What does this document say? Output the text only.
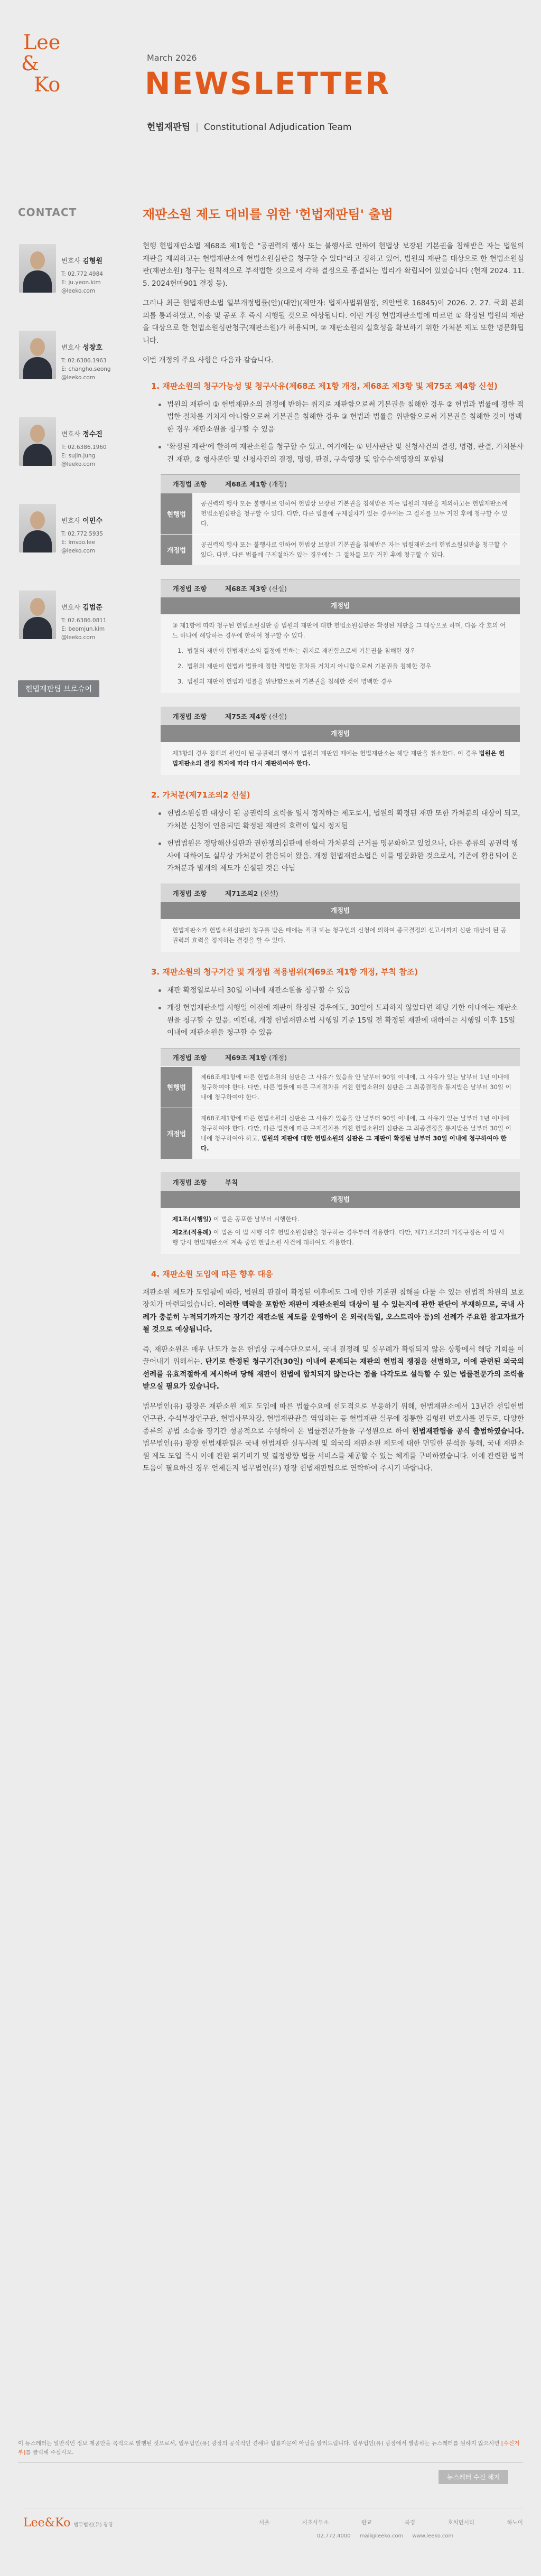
Lee
&
Ko
March 2026
NEWSLETTER
헌법재판팀 | Constitutional Adjudication Team
CONTACT
변호사 김형원
T: 02.772.4984
E: ju.yeon.kim
@leeko.com
변호사 성창호
T: 02.6386.1963
E: changho.seong
@leeko.com
변호사 정수진
T: 02.6386.1960
E: sujin.jung
@leeko.com
변호사 이민수
T: 02.772.5935
E: lmsoo.lee
@leeko.com
변호사 김범준
T: 02.6386.0811
E: beomjun.kim
@leeko.com
헌법재판팀 브로슈어
재판소원 제도 대비를 위한 '헌법재판팀' 출범

현행 헌법재판소법 제68조 제1항은 "공권력의 행사 또는 불행사로 인하여 헌법상 보장된 기본권을 침해받은 자는 법원의 재판을 제외하고는 헌법재판소에 헌법소원심판을 청구할 수 있다"라고 정하고 있어, 법원의 재판을 대상으로 한 헌법소원심판(재판소원) 청구는 원칙적으로 부적법한 것으로서 각하 결정으로 종결되는 법리가 확립되어 있었습니다 (헌재 2024. 11. 5. 2024헌마901 결정 등).

그러나 최근 헌법재판소법 일부개정법률(안)(대안)(제안자: 법제사법위원장, 의안번호 16845)이 2026. 2. 27. 국회 본회의를 통과하였고, 이송 및 공포 후 즉시 시행될 것으로 예상됩니다. 이번 개정 헌법재판소법에 따르면 ① 확정된 법원의 재판을 대상으로 한 헌법소원심판청구(재판소원)가 허용되며, ② 재판소원의 실효성을 확보하기 위한 가처분 제도 또한 명문화됩니다.

이번 개정의 주요 사항은 다음과 같습니다.

1. 재판소원의 청구가능성 및 청구사유(제68조 제1항 개정, 제68조 제3항 및 제75조 제4항 신설)
법원의 재판이 ① 헌법재판소의 결정에 반하는 취지로 재판함으로써 기본권을 침해한 경우 ② 헌법과 법률에 정한 적법한 절차를 거치지 아니함으로써 기본권을 침해한 경우 ③ 헌법과 법률을 위반함으로써 기본권을 침해한 것이 명백한 경우 재판소원을 청구할 수 있음
'확정된 재판'에 한하여 재판소원을 청구할 수 있고, 여기에는 ① 민사판단 및 신청사건의 결정, 명령, 판결, 가처분사건 재판, ② 형사본안 및 신청사건의 결정, 명령, 판결, 구속영장 및 압수수색영장의 포함됨
개정법 조항	제68조 제1항 (개정)
현행법
공권력의 행사 또는 불행사로 인하여 헌법상 보장된 기본권을 침해받은 자는 법원의 재판을 제외하고는 헌법재판소에 헌법소원심판을 청구할 수 있다. 다만, 다른 법률에 구제절차가 있는 경우에는 그 절차를 모두 거친 후에 청구할 수 있다.
개정법
공권력의 행사 또는 불행사로 인하여 헌법상 보장된 기본권을 침해받은 자는 법원재판소에 헌법소원심판을 청구할 수 있다. 다만, 다른 법률에 구제절차가 있는 경우에는 그 절차를 모두 거친 후에 청구할 수 있다.
개정법 조항	제68조 제3항 (신설)
개정법
③ 제1항에 따라 청구된 헌법소원심판 중 법원의 재판에 대한 헌법소원심판은 확정된 재판을 그 대상으로 하며, 다음 각 호의 어느 하나에 해당하는 경우에 한하여 청구할 수 있다.
1. 법원의 재판이 헌법재판소의 결정에 반하는 취지로 재판함으로써 기본권을 침해한 경우
2. 법원의 재판이 헌법과 법률에 정한 적법한 절차를 거치지 아니함으로써 기본권을 침해한 경우
3. 법원의 재판이 헌법과 법률을 위반함으로써 기본권을 침해한 것이 명백한 경우
개정법 조항	제75조 제4항 (신설)
개정법
제3항의 경우 침해의 원인이 된 공권력의 행사가 법원의 재판인 때에는 헌법재판소는 해당 재판을 취소한다. 이 경우 법원은 헌법재판소의 결정 취지에 따라 다시 재판하여야 한다.
2. 가처분(제71조의2 신설)
헌법소원심판 대상이 된 공권력의 효력을 일시 정지하는 제도로서, 법원의 확정된 재판 또한 가처분의 대상이 되고, 가처분 신청이 인용되면 확정된 재판의 효력이 일시 정지됨
헌법법원은 정당해산심판과 권한쟁의심판에 한하여 가처분의 근거를 명문화하고 있었으나, 다른 종류의 공권력 행사에 대하여도 실무상 가처분이 활용되어 왔음. 개정 헌법재판소법은 이를 명문화한 것으로서, 기존에 활용되어 온 가처분과 별개의 제도가 신설된 것은 아님
개정법 조항	제71조의2 (신설)
개정법
헌법재판소가 헌법소원심판의 청구를 받은 때에는 직권 또는 청구인의 신청에 의하여 종국결정의 선고시까지 심판 대상이 된 공권력의 효력을 정지하는 결정을 할 수 있다.
3. 재판소원의 청구기간 및 개정법 적용범위(제69조 제1항 개정, 부칙 참조)
재판 확정일로부터 30일 이내에 재판소원을 청구할 수 있음
개정 헌법재판소법 시행일 이전에 재판이 확정된 경우에도, 30일이 도과하지 않았다면 해당 기한 이내에는 재판소원을 청구할 수 있음. 예컨대, 개정 헌법재판소법 시행일 기준 15일 전 확정된 재판에 대하여는 시행일 이후 15일 이내에 재판소원을 청구할 수 있음
개정법 조항	제69조 제1항 (개정)
현행법
제68조제1항에 따른 헌법소원의 심판은 그 사유가 있음을 안 날부터 90일 이내에, 그 사유가 있는 날부터 1년 이내에 청구하여야 한다. 다만, 다른 법률에 따른 구제절차를 거친 헌법소원의 심판은 그 최종결정을 통지받은 날부터 30일 이내에 청구하여야 한다.
개정법
제68조제1항에 따른 헌법소원의 심판은 그 사유가 있음을 안 날부터 90일 이내에, 그 사유가 있는 날부터 1년 이내에 청구하여야 한다. 다만, 다른 법률에 따른 구제절차를 거친 헌법소원의 심판은 그 최종결정을 통지받은 날부터 30일 이내에 청구하여야 하고, 법원의 재판에 대한 헌법소원의 심판은 그 재판이 확정된 날부터 30일 이내에 청구하여야 한다.
개정법 조항	부칙
개정법
제1조(시행일) 이 법은 공포한 날부터 시행한다.
제2조(적용례) 이 법은 이 법 시행 이후 헌법소원심판을 청구하는 경우부터 적용한다. 다만, 제71조의2의 개정규정은 이 법 시행 당시 헌법재판소에 계속 중인 헌법소원 사건에 대하여도 적용한다.
4. 재판소원 도입에 따른 향후 대응

재판소원 제도가 도입됨에 따라, 법원의 판결이 확정된 이후에도 그에 인한 기본권 침해를 다툴 수 있는 헌법적 차원의 보호장치가 마련되었습니다. 이러한 맥락을 포함한 재판이 재판소원의 대상이 될 수 있는지에 관한 판단이 부재하므로, 국내 사례가 충분히 누적되기까지는 장기간 재판소원 제도를 운영하여 온 외국(독일, 오스트리아 등)의 선례가 주요한 참고자료가 될 것으로 예상됩니다.

즉, 재판소원은 매우 난도가 높은 헌법상 구제수단으로서, 국내 결정례 및 실무례가 확립되지 않은 상황에서 해당 기회를 이끌어내기 위해서는, 단기로 한정된 청구기간(30일) 이내에 문제되는 재판의 헌법적 쟁점을 선별하고, 이에 관련된 외국의 선례를 유효적절하게 제시하며 당해 재판이 헌법에 합치되지 않는다는 점을 다각도로 설득할 수 있는 법률전문가의 조력을 받으실 필요가 있습니다.

법무법인(유) 광장은 재판소원 제도 도입에 따른 법률수요에 선도적으로 부응하기 위해, 헌법재판소에서 13년간 선임헌법연구관, 수석부장연구관, 헌법사무차장, 헌법재판관을 역임하는 등 헌법재판 실무에 정통한 김형원 변호사를 필두로, 다양한 종류의 공법 소송을 장기간 성공적으로 수행하여 온 법률전문가들을 구성원으로 하여 헌법재판팀을 공식 출범하였습니다. 법무법인(유) 광장 헌법재판팀은 국내 헌법재판 실무사례 및 외국의 재판소원 제도에 대한 면밀한 분석을 통해, 국내 재판소원 제도 도입 즉시 이에 관한 위기비기 및 결정방향 법률 서비스를 제공할 수 있는 체계를 구비하였습니다. 이에 관련한 법적 도움이 필요하신 경우 언제든지 법무법인(유) 광장 헌법재판팀으로 연락하여 주시기 바랍니다.

이 뉴스레터는 일반적인 정보 제공만을 목적으로 발행된 것으로서, 법무법인(유) 광장의 공식적인 견해나 법률자문이 아님을 알려드립니다. 법무법인(유) 광장에서 발송하는 뉴스레터를 원하지 않으시면 [수신거부]를 클릭해 주십시오.
뉴스레터 수신 해지
Lee&Ko 법무법인(유) 광장	서울	서초사무소	판교	북경	호치민시티	하노이
02.772.4000 mail@leeko.com www.leeko.com
